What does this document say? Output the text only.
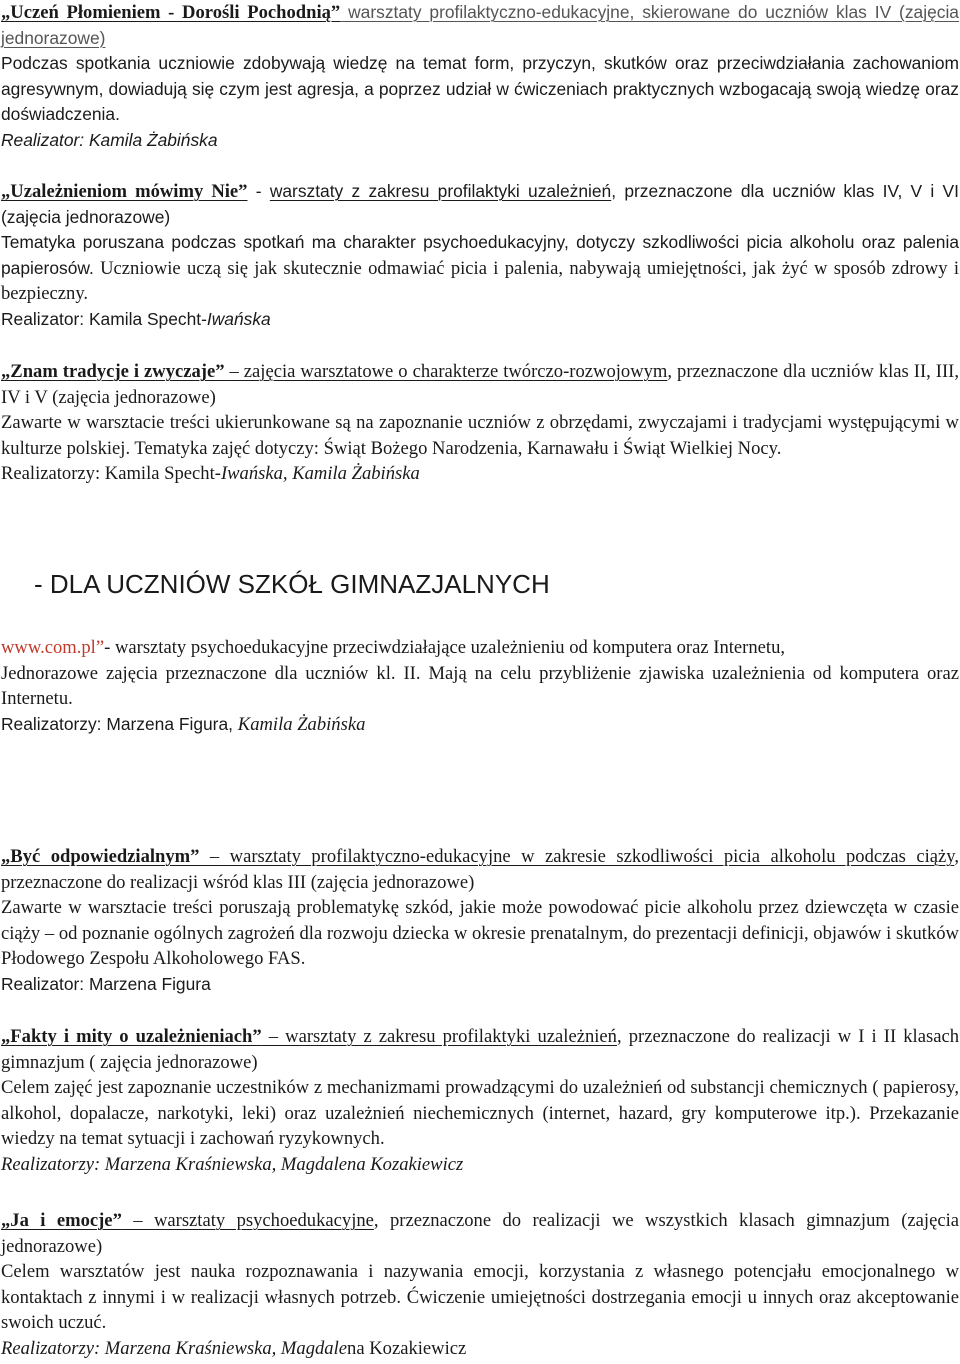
„Uczeń Płomieniem - Dorośli Pochodnią” warsztaty profilaktyczno-edukacyjne, skierowane do uczniów klas IV (zajęcia jednorazowe)

Podczas spotkania uczniowie zdobywają wiedzę na temat form, przyczyn, skutków oraz przeciwdziałania zachowaniom agresywnym, dowiadują się czym jest agresja, a poprzez udział w ćwiczeniach praktycznych wzbogacają swoją wiedzę oraz doświadczenia.

Realizator: Kamila Żabińska

„Uzależnieniom mówimy Nie” - warsztaty z zakresu profilaktyki uzależnień, przeznaczone dla uczniów klas IV, V i VI (zajęcia jednorazowe)

Tematyka poruszana podczas spotkań ma charakter psychoedukacyjny, dotyczy szkodliwości picia alkoholu oraz palenia papierosów. Uczniowie uczą się jak skutecznie odmawiać picia i palenia, nabywają umiejętności, jak żyć w sposób zdrowy i bezpieczny.

Realizator: Kamila Specht-Iwańska

„Znam tradycje i zwyczaje” – zajęcia warsztatowe o charakterze twórczo-rozwojowym, przeznaczone dla uczniów klas II, III, IV i V (zajęcia jednorazowe)

Zawarte w warsztacie treści ukierunkowane są na zapoznanie uczniów z obrzędami, zwyczajami i tradycjami występującymi w kulturze polskiej. Tematyka zajęć dotyczy: Świąt Bożego Narodzenia, Karnawału i Świąt Wielkiej Nocy.

Realizatorzy: Kamila Specht-Iwańska, Kamila Żabińska

- DLA UCZNIÓW SZKÓŁ GIMNAZJALNYCH

www.com.pl”- warsztaty psychoedukacyjne przeciwdziałające uzależnieniu od komputera oraz Internetu,

Jednorazowe zajęcia przeznaczone dla uczniów kl. II. Mają na celu przybliżenie zjawiska uzależnienia od komputera oraz Internetu.

Realizatorzy: Marzena Figura, Kamila Żabińska

„Być odpowiedzialnym” – warsztaty profilaktyczno-edukacyjne w zakresie szkodliwości picia alkoholu podczas ciąży, przeznaczone do realizacji wśród klas III (zajęcia jednorazowe)

Zawarte w warsztacie treści poruszają problematykę szkód, jakie może powodować picie alkoholu przez dziewczęta w czasie ciąży – od poznanie ogólnych zagrożeń dla rozwoju dziecka w okresie prenatalnym, do prezentacji definicji, objawów i skutków Płodowego Zespołu Alkoholowego FAS.

Realizator: Marzena Figura

„Fakty i mity o uzależnieniach” – warsztaty z zakresu profilaktyki uzależnień, przeznaczone do realizacji w I i II klasach gimnazjum ( zajęcia jednorazowe)

Celem zajęć jest zapoznanie uczestników z mechanizmami prowadzącymi do uzależnień od substancji chemicznych ( papierosy, alkohol, dopalacze, narkotyki, leki) oraz uzależnień niechemicznych (internet, hazard, gry komputerowe itp.). Przekazanie wiedzy na temat sytuacji i zachowań ryzykownych.

Realizatorzy: Marzena Kraśniewska, Magdalena Kozakiewicz

„Ja i emocje” – warsztaty psychoedukacyjne, przeznaczone do realizacji we wszystkich klasach gimnazjum (zajęcia jednorazowe)

Celem warsztatów jest nauka rozpoznawania i nazywania emocji, korzystania z własnego potencjału emocjonalnego w kontaktach z innymi i w realizacji własnych potrzeb. Ćwiczenie umiejętności dostrzegania emocji u innych oraz akceptowanie swoich uczuć.

Realizatorzy: Marzena Kraśniewska, Magdalena Kozakiewicz
